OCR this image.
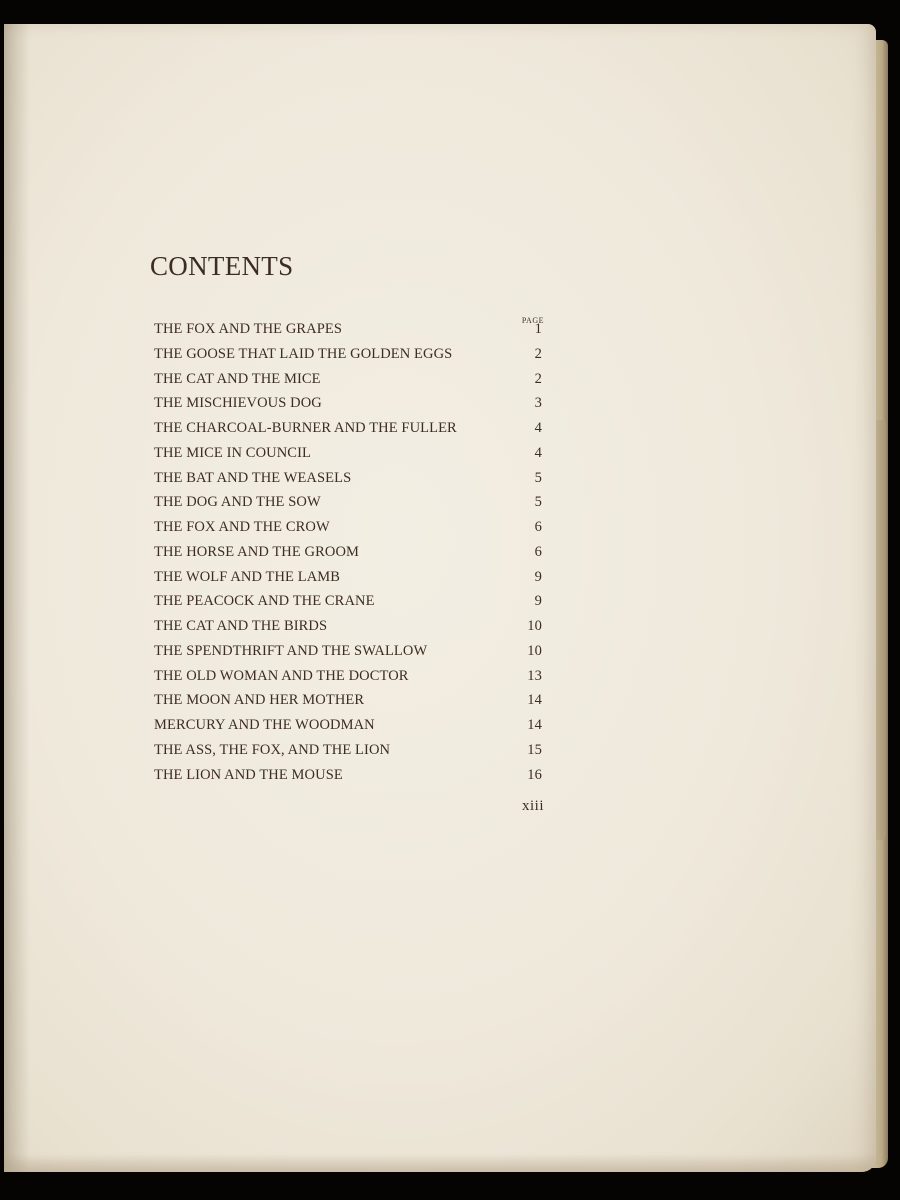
CONTENTS
PAGE
THE FOX AND THE GRAPES	1
THE GOOSE THAT LAID THE GOLDEN EGGS	2
THE CAT AND THE MICE	2
THE MISCHIEVOUS DOG	3
THE CHARCOAL-BURNER AND THE FULLER	4
THE MICE IN COUNCIL	4
THE BAT AND THE WEASELS	5
THE DOG AND THE SOW	5
THE FOX AND THE CROW	6
THE HORSE AND THE GROOM	6
THE WOLF AND THE LAMB	9
THE PEACOCK AND THE CRANE	9
THE CAT AND THE BIRDS	10
THE SPENDTHRIFT AND THE SWALLOW	10
THE OLD WOMAN AND THE DOCTOR	13
THE MOON AND HER MOTHER	14
MERCURY AND THE WOODMAN	14
THE ASS, THE FOX, AND THE LION	15
THE LION AND THE MOUSE	16
xiii
